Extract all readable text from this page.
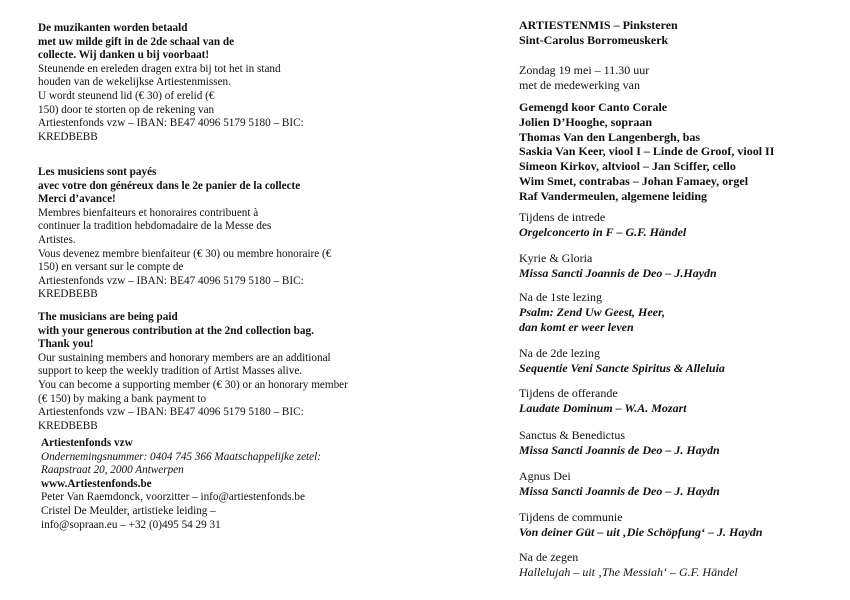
De muzikanten worden betaald
met uw milde gift in de 2de schaal van de
collecte. Wij danken u bij voorbaat!
Steunende en ereleden dragen extra bij tot het in stand
houden van de wekelijkse Artiestenmissen.
U wordt steunend lid (€ 30) of erelid (€
150) door te storten op de rekening van
Artiestenfonds vzw – IBAN: BE47 4096 5179 5180 – BIC:
KREDBEBB
Les musiciens sont payés
avec votre don généreux dans le 2e panier de la collecte
Merci d’avance!
Membres bienfaiteurs et honoraires contribuent à
continuer la tradition hebdomadaire de la Messe des
Artistes.
Vous devenez membre bienfaiteur (€ 30) ou membre honoraire (€
150) en versant sur le compte de
Artiestenfonds vzw – IBAN: BE47 4096 5179 5180 – BIC:
KREDBEBB
The musicians are being paid
with your generous contribution at the 2nd collection bag.
Thank you!
Our sustaining members and honorary members are an additional
support to keep the weekly tradition of Artist Masses alive.
You can become a supporting member (€ 30) or an honorary member
(€ 150) by making a bank payment to
Artiestenfonds vzw – IBAN: BE47 4096 5179 5180 – BIC:
KREDBEBB
Artiestenfonds vzw
Ondernemingsnummer: 0404 745 366 Maatschappelijke zetel:
Raapstraat 20, 2000 Antwerpen
www.Artiestenfonds.be
Peter Van Raemdonck, voorzitter – info@artiestenfonds.be
Cristel De Meulder, artistieke leiding –
info@sopraan.eu – +32 (0)495 54 29 31
ARTIESTENMIS – Pinksteren
Sint-Carolus Borromeuskerk
Zondag 19 mei – 11.30 uur
met de medewerking van
Gemengd koor Canto Corale
Jolien D’Hooghe, sopraan
Thomas Van den Langenbergh, bas
Saskia Van Keer, viool I – Linde de Groof, viool II
Simeon Kirkov, altviool – Jan Sciffer, cello
Wim Smet, contrabas – Johan Famaey, orgel
Raf Vandermeulen, algemene leiding
Tijdens de intrede
Orgelconcerto in F – G.F. Händel
Kyrie & Gloria
Missa Sancti Joannis de Deo – J.Haydn
Na de 1ste lezing
Psalm: Zend Uw Geest, Heer,
dan komt er weer leven
Na de 2de lezing
Sequentie Veni Sancte Spiritus & Alleluia
Tijdens de offerande
Laudate Dominum – W.A. Mozart
Sanctus & Benedictus
Missa Sancti Joannis de Deo – J. Haydn
Agnus Dei
Missa Sancti Joannis de Deo – J. Haydn
Tijdens de communie
Von deiner Güt – uit ‚Die Schöpfung‘ – J. Haydn
Na de zegen
Hallelujah – uit ‚The Messiah‘ – G.F. Händel
